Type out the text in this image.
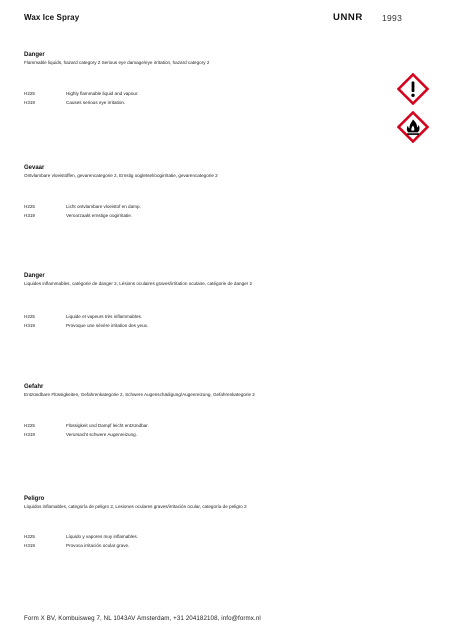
Wax Ice Spray	UNNR 1993
Danger
Flammable liquids, hazard category 2 Serious eye damage/eye irritation, hazard category 2
H225	Highly flammable liquid and vapour.
H319	Causes serious eye irritation.
Gevaar
Ontvlambare vloeistoffen, gevarencategorie 2, Ernstig oogletsel/oogirritatie, gevarencategorie 2
H225	Licht ontvlambare vloeistof en damp.
H319	Veroorzaakt ernstige oogirritatie.
Danger
Liquides inflammables, catégorie de danger 2, Lésions oculaires graves/irritation oculaire, catégorie de danger 2
H225	Liquide et vapeurs très inflammables.
H319	Provoque une sévère irritation des yeux.
Gefahr
Entzündbare Flüssigkeiten, Gefahrenkategorie 2, Schwere Augenschädigung/Augenreizung, Gefahrenkategorie 2
H225	Flüssigkeit und Dampf leicht entzündbar.
H319	Verursacht schwere Augenreizung.
Peligro
Líquidos inflamables, categoría de peligro 2, Lesiones oculares graves/irritación ocular, categoría de peligro 2
H225	Líquido y vapores muy inflamables.
H319	Provoca irritación ocular grave.
Form X BV, Kombuisweg 7, NL 1043AV Amsterdam, +31 204182108, info@formx.nl
